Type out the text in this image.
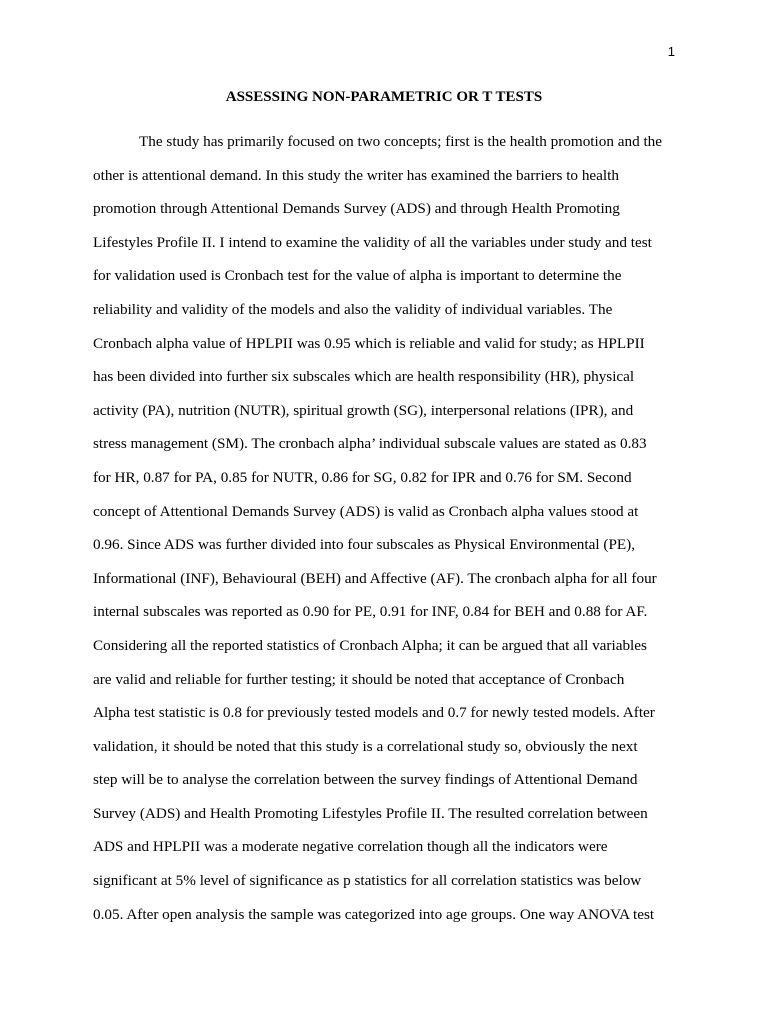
1
ASSESSING NON-PARAMETRIC OR T TESTS
The study has primarily focused on two concepts; first is the health promotion and the
other is attentional demand. In this study the writer has examined the barriers to health
promotion through Attentional Demands Survey (ADS) and through Health Promoting
Lifestyles Profile II. I intend to examine the validity of all the variables under study and test
for validation used is Cronbach test for the value of alpha is important to determine the
reliability and validity of the models and also the validity of individual variables. The
Cronbach alpha value of HPLPII was 0.95 which is reliable and valid for study; as HPLPII
has been divided into further six subscales which are health responsibility (HR), physical
activity (PA), nutrition (NUTR), spiritual growth (SG), interpersonal relations (IPR), and
stress management (SM). The cronbach alpha’ individual subscale values are stated as 0.83
for HR, 0.87 for PA, 0.85 for NUTR, 0.86 for SG, 0.82 for IPR and 0.76 for SM. Second
concept of Attentional Demands Survey (ADS) is valid as Cronbach alpha values stood at
0.96. Since ADS was further divided into four subscales as Physical Environmental (PE),
Informational (INF), Behavioural (BEH) and Affective (AF). The cronbach alpha for all four
internal subscales was reported as 0.90 for PE, 0.91 for INF, 0.84 for BEH and 0.88 for AF.
Considering all the reported statistics of Cronbach Alpha; it can be argued that all variables
are valid and reliable for further testing; it should be noted that acceptance of Cronbach
Alpha test statistic is 0.8 for previously tested models and 0.7 for newly tested models. After
validation, it should be noted that this study is a correlational study so, obviously the next
step will be to analyse the correlation between the survey findings of Attentional Demand
Survey (ADS) and Health Promoting Lifestyles Profile II. The resulted correlation between
ADS and HPLPII was a moderate negative correlation though all the indicators were
significant at 5% level of significance as p statistics for all correlation statistics was below
0.05. After open analysis the sample was categorized into age groups. One way ANOVA test
